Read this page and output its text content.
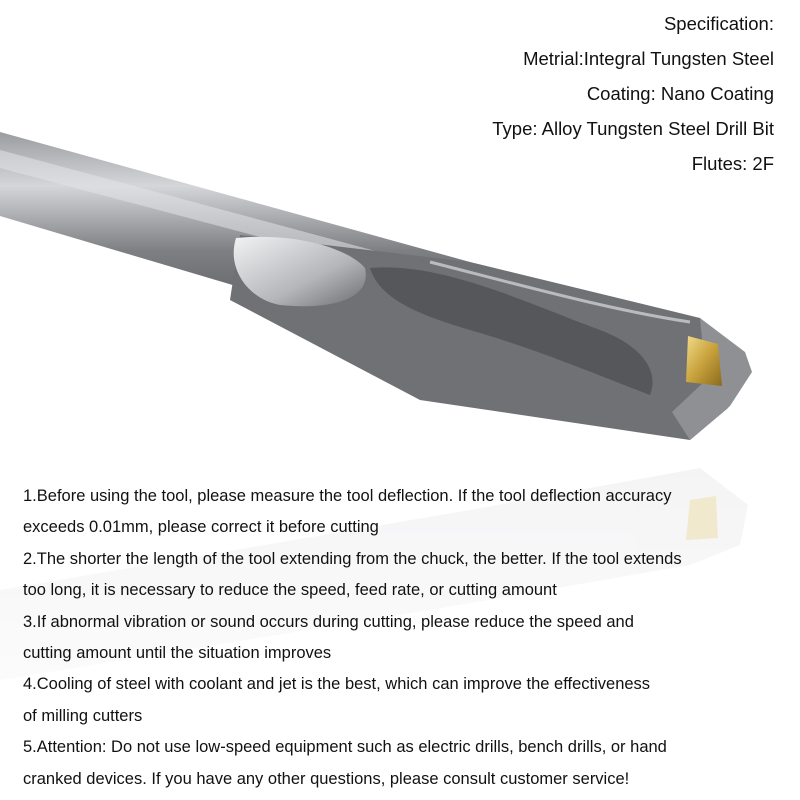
Specification:
Metrial:Integral Tungsten Steel
Coating: Nano Coating
Type: Alloy Tungsten Steel Drill Bit
Flutes: 2F
1.Before using the tool, please measure the tool deflection. If the tool deflection accuracy
exceeds 0.01mm, please correct it before cutting
2.The shorter the length of the tool extending from the chuck, the better. If the tool extends
too long, it is necessary to reduce the speed, feed rate, or cutting amount
3.If abnormal vibration or sound occurs during cutting, please reduce the speed and
cutting amount until the situation improves
4.Cooling of steel with coolant and jet is the best, which can improve the effectiveness
of milling cutters
5.Attention: Do not use low-speed equipment such as electric drills, bench drills, or hand
cranked devices. If you have any other questions, please consult customer service!
